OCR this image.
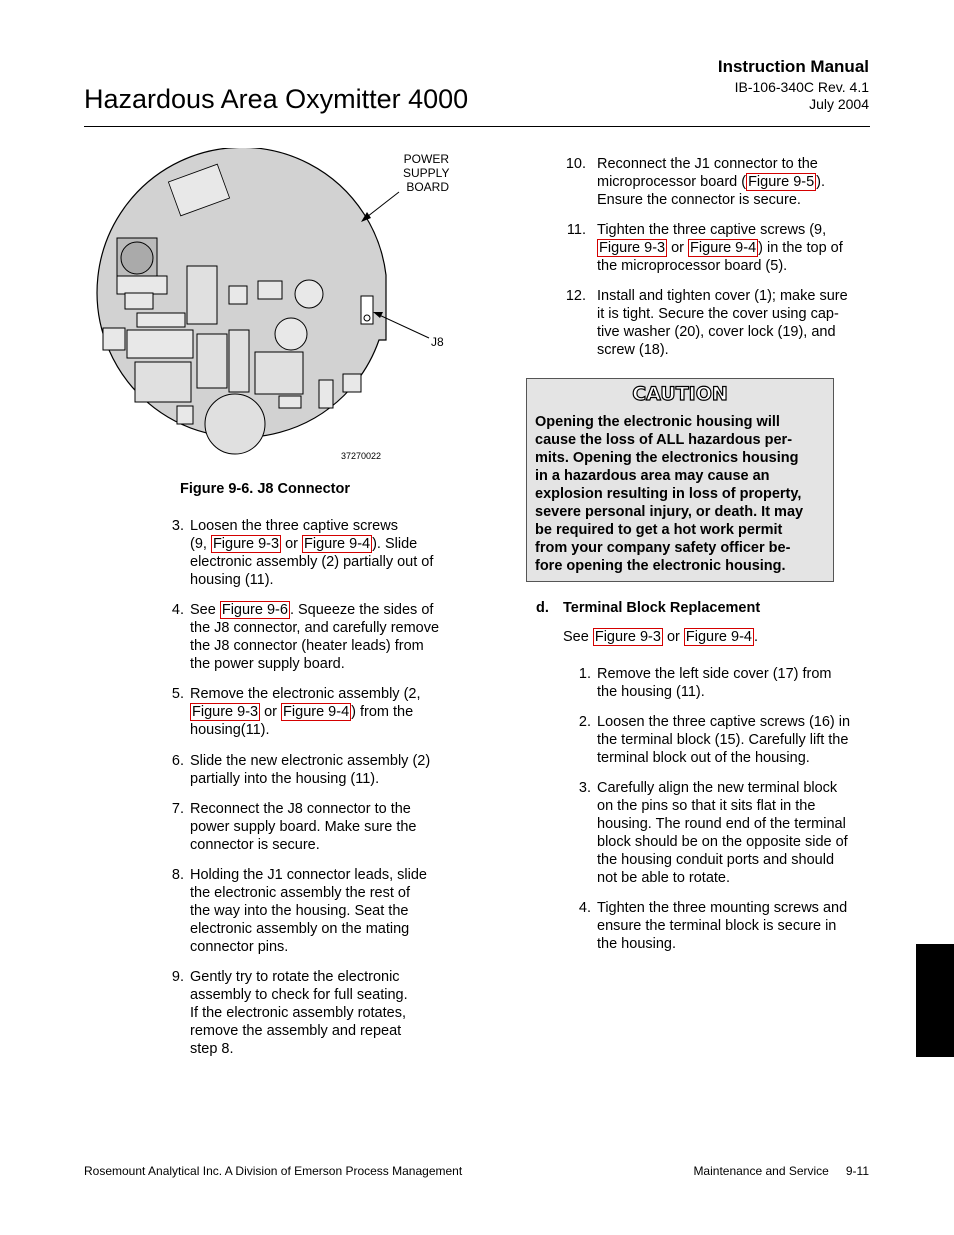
Hazardous Area Oxymitter 4000
Instruction Manual
IB-106-340C Rev. 4.1
July 2004
POWER
SUPPLY
BOARD
J8
37270022
Figure 9-6. J8 Connector
3. Loosen the three captive screws
(9, Figure 9-3 or Figure 9-4 ). Slide
electronic assembly (2) partially out of
housing (11).
4. See Figure 9-6 . Squeeze the sides of
the J8 connector, and carefully remove
the J8 connector (heater leads) from
the power supply board.
5. Remove the electronic assembly (2,
Figure 9-3 or Figure 9-4 ) from the
housing(11).
6. Slide the new electronic assembly (2)
partially into the housing (11).
7. Reconnect the J8 connector to the
power supply board. Make sure the
connector is secure.
8. Holding the J1 connector leads, slide
the electronic assembly the rest of
the way into the housing. Seat the
electronic assembly on the mating
connector pins.
9. Gently try to rotate the electronic
assembly to check for full seating.
If the electronic assembly rotates,
remove the assembly and repeat
step 8.
10. Reconnect the J1 connector to the
microprocessor board ( Figure 9-5 ).
Ensure the connector is secure.
11. Tighten the three captive screws (9,
Figure 9-3 or Figure 9-4 ) in the top of
the microprocessor board (5).
12. Install and tighten cover (1); make sure
it is tight. Secure the cover using cap-
tive washer (20), cover lock (19), and
screw (18).
CAUTION
Opening the electronic housing will
cause the loss of ALL hazardous per-
mits. Opening the electronics housing
in a hazardous area may cause an
explosion resulting in loss of property,
severe personal injury, or death. It may
be required to get a hot work permit
from your company safety officer be-
fore opening the electronic housing.
d. Terminal Block Replacement
See Figure 9-3 or Figure 9-4 .
1. Remove the left side cover (17) from
the housing (11).
2. Loosen the three captive screws (16) in
the terminal block (15). Carefully lift the
terminal block out of the housing.
3. Carefully align the new terminal block
on the pins so that it sits flat in the
housing. The round end of the terminal
block should be on the opposite side of
the housing conduit ports and should
not be able to rotate.
4. Tighten the three mounting screws and
ensure the terminal block is secure in
the housing.
Rosemount Analytical Inc. A Division of Emerson Process Management	Maintenance and Service 9-11
